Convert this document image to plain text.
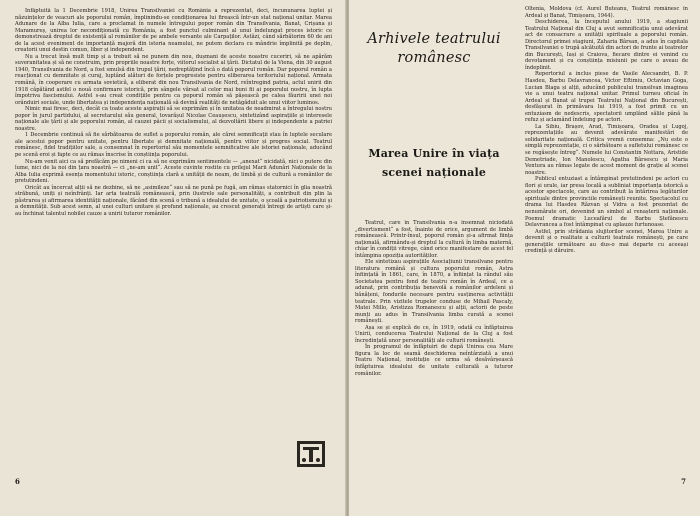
Înfăptuită la 1 Decembrie 1918, Unirea Transilvaniei cu România a reprezentat, deci, încununarea luptei și năzuințelor de veacuri ale poporului român, împlinindu-se condiționarea lui firească într-un stat național unitar. Marea Adunare de la Alba Iulia, care a proclamat în numele întregului popor român din Transilvania, Banat, Crișana și Maramureș, unirea lor necondiționată cu România, a fost punctul culminant al unui îndelungat proces istoric ce demonstrează dreptul de existență al românilor de pe ambele versante ale Carpaților. Astăzi, când sărbătorim 60 de ani de la acest eveniment de importanță majoră din istoria neamului, ne putem declara cu mândrie împlinită pe deplin, creatorii unui destin comun, liber și independent.

Nu a trecut însă mult timp și a trebuit să ne punem din nou, dușmani de aceste noastre cuceriri, să ne apărăm suveranitatea și să ne construim, prin propriile noastre forțe, viitorul socialist al țării. Dictatul de la Viena, din 30 august 1940, Transilvania de Nord, a fost smulsă din trupul țării, nedreptățind încă o dată poporul român. Dar poporul român a reacționat cu demnitate și curaj, luptând alături de forțele progresiste pentru eliberarea teritoriului național. Armata română, în cooperare cu armata sovietică, a eliberat din nou Transilvania de Nord, reîntregind patria, actul unirii din 1918 căpătând astfel o nouă confirmare istorică, prin sângele vărsat al celor mai buni fii ai poporului nostru, în lupta împotriva fascismului. Astfel s-au creat condițiile pentru ca poporul român să pășească pe calea făuririi unei noi orânduiri sociale, unde libertatea și independența națională să devină realități de netăgăduit ale unui viitor luminos.

Nimic mai firesc, deci, decât ca toate aceste aspirații să se exprimăm și în unitatea de neadmirat a întregului nostru popor în jurul partidului, al secretarului său general, tovarășul Nicolae Ceaușescu, sintetizând aspirațiile și interesele naționale ale țării și ale poporului român, al cauzei păcii și socialismului, al dezvoltării libere și independente a patriei noastre.

1 Decembrie continuă să fie sărbătoarea de suflet a poporului român, ale cărei semnificații stau în luptele seculare ale acestui popor pentru unitate, pentru libertate și demnitate națională, pentru viitor și progres social. Teatrul românesc, fidel tradițiilor sale, a consemnat în repertoriul său momentele semnificative ale istoriei naționale, aducând pe scenă eroi și fapte ce au rămas înscrise în conștiința poporului.

Nu-am venit aici ca să prefăcăm pe nimeni ci ca să ne exprimăm sentimentele — „anexat“ nicidată, nici o putere din lume, nici de la noi din țara noastră — ci „ne-am unit“. Aceste cuvinte rostite cu prilejul Marii Adunări Naționale de la Alba Iulia exprimă esența momentului istoric, conștiința clară a unității de neam, de limbă și de cultură a românilor de pretutindeni.

Oricât au încercat alții să ne dezbine, să ne „asimileze“ sau să ne pună pe fugă, am rămas statornici în glia noastră străbună, uniți și neînfrânți. Iar arta teatrală românească, prin ilustrele sale personalități, a contribuit din plin la păstrarea și afirmarea identității naționale, făcând din scenă o tribună a idealului de unitate, o școală a patriotismului și a demnității. Sub acest semn, al unei culturi unitare și profund naționale, au crescut generații întregi de artiști care și-au închinat talentul nobilei cauze a unirii tuturor românilor.

6
Arhivele teatrului românesc
Marea Unire în viața scenei naționale

Teatrul, care în Transilvania n-a însemnat niciodată „divertisment“ a fost, înainte de orice, argument de limbă românească. Printr-însul, poporul român și-a afirmat ființa națională, afirmându-și dreptul la cultură în limba maternă, chiar în condiții vitrege, când orice manifestare de acest fel întâmpina opoziția autorităților.

Ele sintetizau aspirațiile Asociațiunii transilvane pentru literatura română și cultura poporului român, Astra înființată în 1861, care, în 1870, a înființat la rândul său Societatea pentru fond de teatru român în Ardeal, ce a adunat, prin contribuția benevolă a românilor ardeleni și bănățeni, fondurile necesare pentru susținerea activității teatrale. Prin vizitele trupelor conduse de Mihail Pascaly, Matei Millo, Aristizza Romanescu și alții, actorii de peste munți au adus în Transilvania limba curată a scenei românești.

Așa se și explică de ce, în 1919, odată cu înfăptuirea Unirii, conducerea Teatrului Național de la Cluj a fost încredințată unor personalități ale culturii românești.

În programul de înfăptuiri de după Unirea cea Mare figura la loc de seamă deschiderea neîntârziată a unui Teatru Național, instituție ce urma să desăvârșească înfăptuirea idealului de unitate culturală a tuturor românilor.

Oltenia, Moldova (cf. Aurel Buteanu, Teatrul românesc în Ardeal și Banat, Timișoara, 1944).

Deschiderea, la începutul anului 1919, a stagiunii Teatrului Național din Cluj a avut semnificația unui adevărat act de consacrare a unității spirituale a poporului român. Directorul primei stagiuni, Zaharia Bârsan, a adus în capitala Transilvaniei o trupă alcătuită din actori de frunte ai teatrelor din București, Iași și Craiova, fiecare dintre ei venind cu devotament și cu conștiința misiunii pe care o aveau de îndeplinit.

Repertoriul a inclus piese de Vasile Alecsandri, B. P. Hasdeu, Barbu Delavrancea, Victor Eftimiu, Octavian Goga, Lucian Blaga și alții, aducând publicului transilvan imaginea vie a unui teatru național unitar. Primul turneu oficial în Ardeal și Banat al trupei Teatrului Național din București, desfășurat în primăvara lui 1919, a fost primit cu un entuziasm de nedescris, spectatorii umplând sălile până la refuz și aclamând îndelung pe actori.

La Sibiu, Brașov, Arad, Timișoara, Oradea și Lugoj, reprezentațiile au devenit adevărate manifestări de solidaritate națională. Critica vremii consemna: „Nu este o simplă reprezentație, ci o sărbătoare a sufletului românesc ce se regăsește întreg“. Numele lui Constantin Nottara, Aristide Demetriade, Ion Manolescu, Agatha Bârsescu și Maria Ventura au rămas legate de acest moment de grație al scenei noastre.

Publicul entuziast a întâmpinat pretutindeni pe actori cu flori și urale, iar presa locală a subliniat importanța istorică a acestor spectacole, care au contribuit la întărirea legăturilor spirituale dintre provinciile românești reunite. Spectacolul cu drama lui Hasdeu Răzvan și Vidra a fost prezentat de nenumărate ori, devenind un simbol al renașterii naționale. Poemul dramatic Luceafărul de Barbu Ștefănescu Delavrancea a fost întâmpinat cu aplauze furtunoase.

Astfel, prin strădania slujitorilor scenei, Marea Unire a devenit și o realitate a culturii teatrale românești, pe care generațiile următoare au dus-o mai departe cu aceeași credință și dăruire.

7
